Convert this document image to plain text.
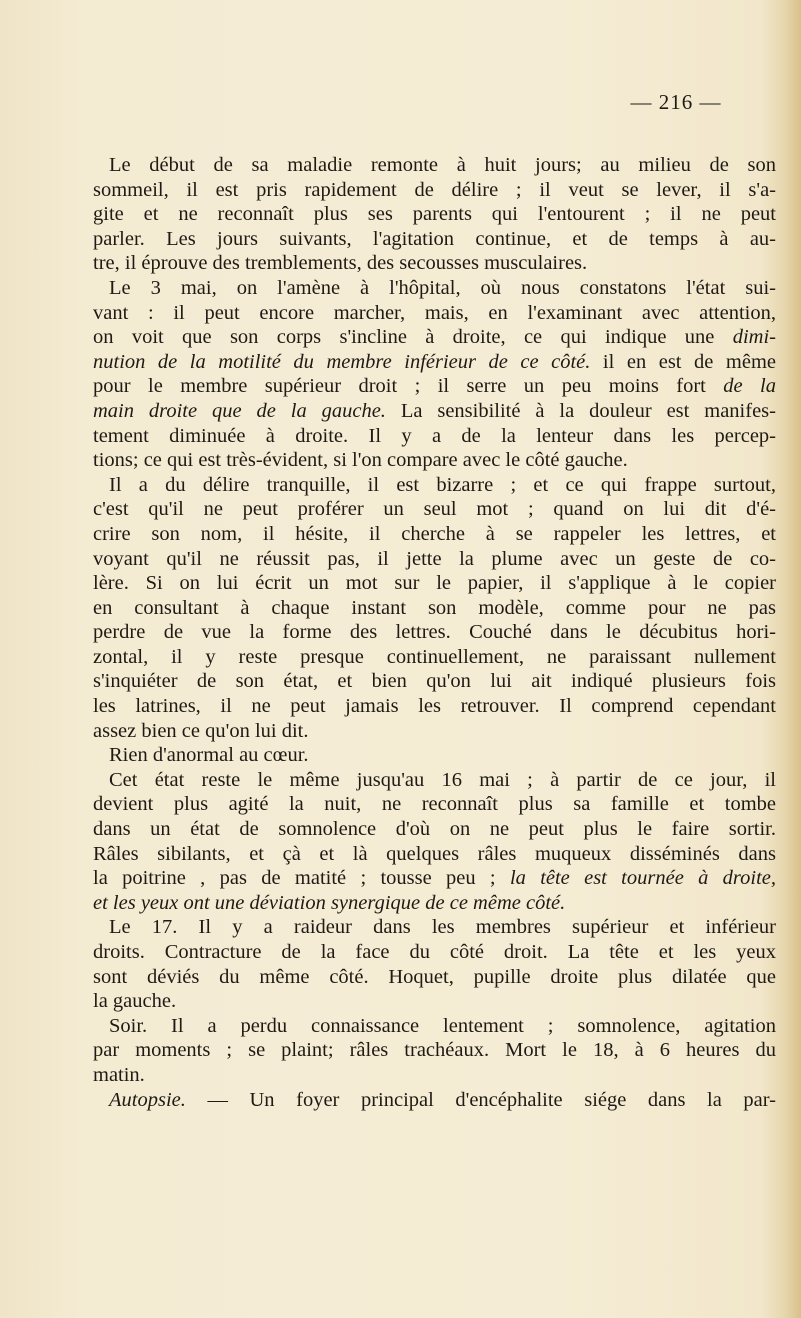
— 216 —
Le début de sa maladie remonte à huit jours; au milieu de son
sommeil, il est pris rapidement de délire ; il veut se lever, il s'a-
gite et ne reconnaît plus ses parents qui l'entourent ; il ne peut
parler. Les jours suivants, l'agitation continue, et de temps à au-
tre, il éprouve des tremblements, des secousses musculaires.
Le 3 mai, on l'amène à l'hôpital, où nous constatons l'état sui-
vant : il peut encore marcher, mais, en l'examinant avec attention,
on voit que son corps s'incline à droite, ce qui indique une dimi-
nution de la motilité du membre inférieur de ce côté. il en est de même
pour le membre supérieur droit ; il serre un peu moins fort de la
main droite que de la gauche. La sensibilité à la douleur est manifes-
tement diminuée à droite. Il y a de la lenteur dans les percep-
tions; ce qui est très-évident, si l'on compare avec le côté gauche.
Il a du délire tranquille, il est bizarre ; et ce qui frappe surtout,
c'est qu'il ne peut proférer un seul mot ; quand on lui dit d'é-
crire son nom, il hésite, il cherche à se rappeler les lettres, et
voyant qu'il ne réussit pas, il jette la plume avec un geste de co-
lère. Si on lui écrit un mot sur le papier, il s'applique à le copier
en consultant à chaque instant son modèle, comme pour ne pas
perdre de vue la forme des lettres. Couché dans le décubitus hori-
zontal, il y reste presque continuellement, ne paraissant nullement
s'inquiéter de son état, et bien qu'on lui ait indiqué plusieurs fois
les latrines, il ne peut jamais les retrouver. Il comprend cependant
assez bien ce qu'on lui dit.
Rien d'anormal au cœur.
Cet état reste le même jusqu'au 16 mai ; à partir de ce jour, il
devient plus agité la nuit, ne reconnaît plus sa famille et tombe
dans un état de somnolence d'où on ne peut plus le faire sortir.
Râles sibilants, et çà et là quelques râles muqueux disséminés dans
la poitrine , pas de matité ; tousse peu ; la tête est tournée à droite,
et les yeux ont une déviation synergique de ce même côté.
Le 17. Il y a raideur dans les membres supérieur et inférieur
droits. Contracture de la face du côté droit. La tête et les yeux
sont déviés du même côté. Hoquet, pupille droite plus dilatée que
la gauche.
Soir. Il a perdu connaissance lentement ; somnolence, agitation
par moments ; se plaint; râles trachéaux. Mort le 18, à 6 heures du
matin.
Autopsie. — Un foyer principal d'encéphalite siége dans la par-
